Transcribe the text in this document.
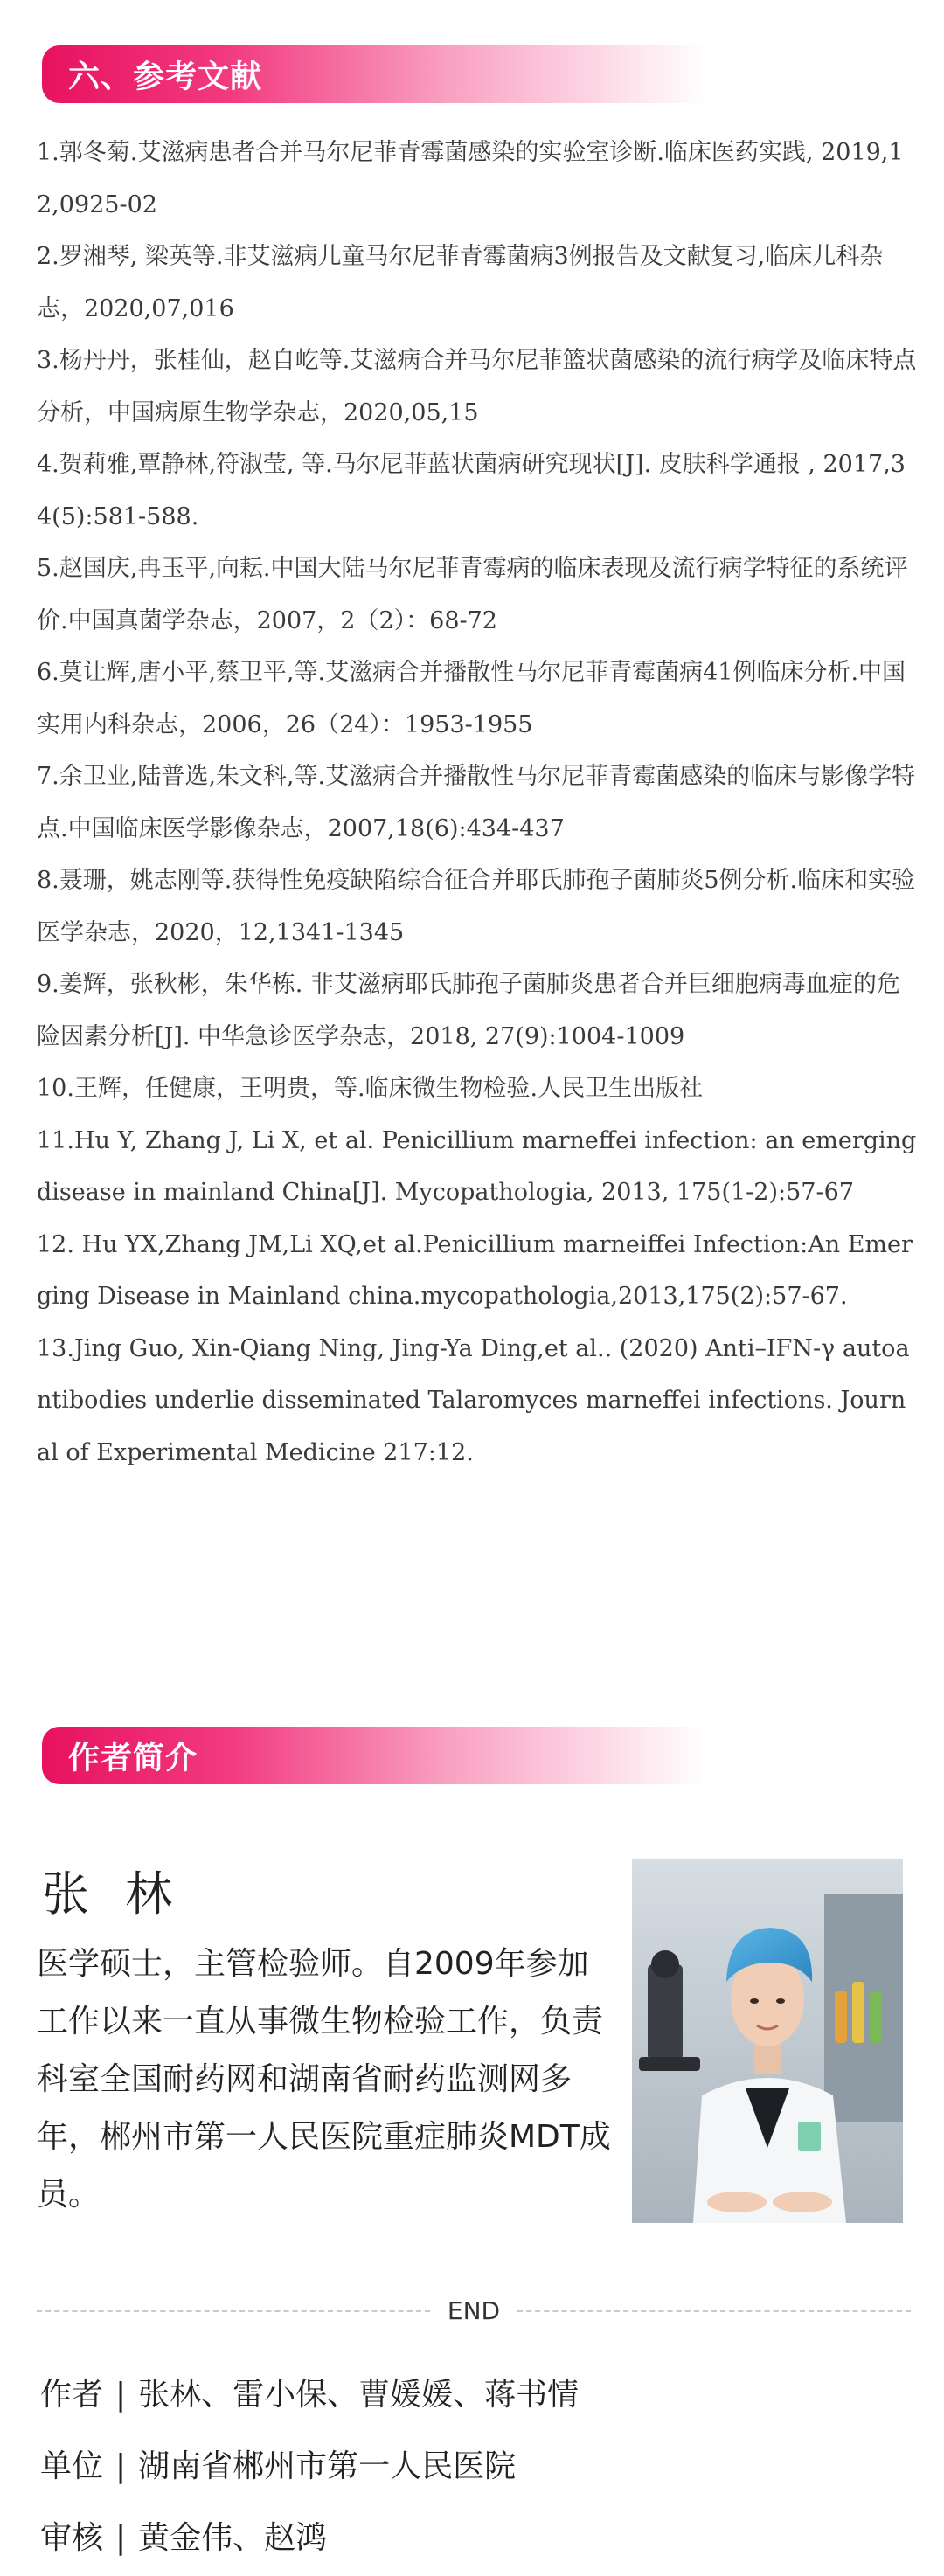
六、参考文献

1.郭冬菊.艾滋病患者合并马尔尼菲青霉菌感染的实验室诊断.临床医药实践, 2019,12,0925-02

2.罗湘琴, 梁英等.非艾滋病儿童马尔尼菲青霉菌病3例报告及文献复习,临床儿科杂志，2020,07,016

3.杨丹丹，张桂仙，赵自屹等.艾滋病合并马尔尼菲篮状菌感染的流行病学及临床特点分析，中国病原生物学杂志，2020,05,15

4.贺莉雅,覃静林,符淑莹, 等.马尔尼菲蓝状菌病研究现状[J]. 皮肤科学通报 , 2017,34(5):581-588.

5.赵国庆,冉玉平,向耘.中国大陆马尔尼菲青霉病的临床表现及流行病学特征的系统评价.中国真菌学杂志，2007，2（2）：68-72

6.莫让辉,唐小平,蔡卫平,等.艾滋病合并播散性马尔尼菲青霉菌病41例临床分析.中国实用内科杂志，2006，26（24）：1953-1955

7.余卫业,陆普选,朱文科,等.艾滋病合并播散性马尔尼菲青霉菌感染的临床与影像学特点.中国临床医学影像杂志，2007,18(6):434-437

8.聂珊，姚志刚等.获得性免疫缺陷综合征合并耶氏肺孢子菌肺炎5例分析.临床和实验医学杂志，2020，12,1341-1345

9.姜辉，张秋彬，朱华栋. 非艾滋病耶氏肺孢子菌肺炎患者合并巨细胞病毒血症的危险因素分析[J]. 中华急诊医学杂志，2018, 27(9):1004-1009

10.王辉，任健康，王明贵，等.临床微生物检验.人民卫生出版社

11.Hu Y, Zhang J, Li X, et al. Penicillium marneffei infection: an emerging disease in mainland China[J]. Mycopathologia, 2013, 175(1-2):57-67

12. Hu YX,Zhang JM,Li XQ,et al.Penicillium marneiffei Infection:An Emerging Disease in Mainland china.mycopathologia,2013,175(2):57-67.

13.Jing Guo, Xin-Qiang Ning, Jing-Ya Ding,et al.. (2020) Anti–IFN-γ autoantibodies underlie disseminated Talaromyces marneffei infections. Journal of Experimental Medicine 217:12.

作者简介
张 林
医学硕士，主管检验师。自2009年参加工作以来一直从事微生物检验工作，负责科室全国耐药网和湖南省耐药监测网多年，郴州市第一人民医院重症肺炎MDT成员。
END
作者 | 张林、雷小保、曹媛媛、蒋书情
单位 | 湖南省郴州市第一人民医院
审核 | 黄金伟、赵鸿
